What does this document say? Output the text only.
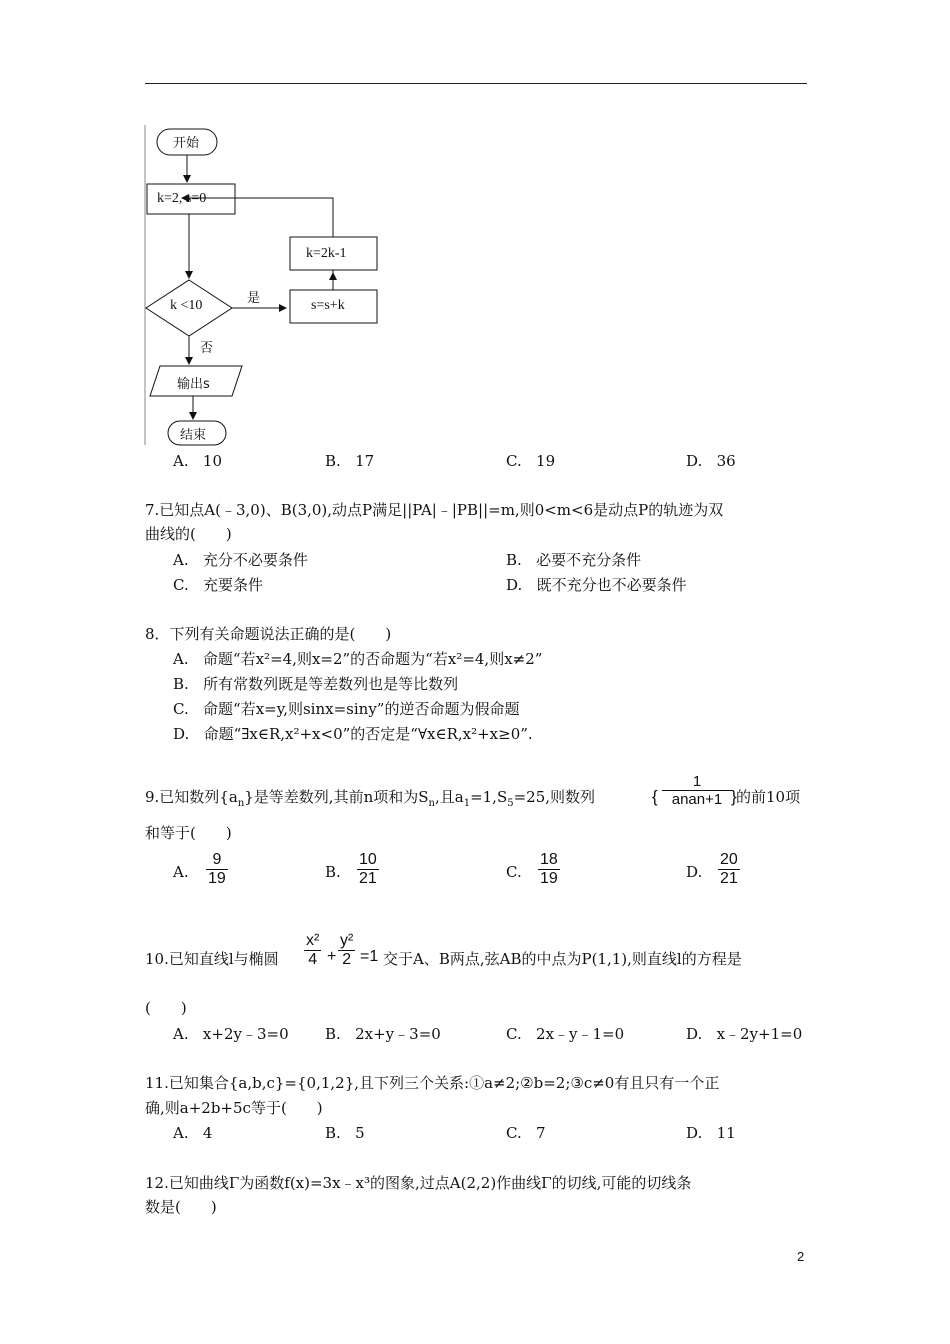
开始
k=2, s=0
k=2k-1
k <10	是	s=s+k
否
输出s
结束
A. 10	B. 17	C. 19	D. 36
7.已知点A(﹣3,0)、B(3,0),动点P满足||PA|﹣|PB||=m,则0<m<6是动点P的轨迹为双
曲线的(　　)
A. 充分不必要条件	B. 必要不充分条件
C. 充要条件	D. 既不充分也不必要条件
8．下列有关命题说法正确的是(　　)
A. 命题“若x²=4,则x=2”的否命题为“若x²=4,则x≠2”
B. 所有常数列既是等差数列也是等比数列
C. 命题“若x=y,则sinx=siny”的逆否命题为假命题
D. 命题“∃x∈R,x²+x<0”的否定是“∀x∈R,x²+x≥0”.
9.已知数列$\{a_n\}$是等差数列,其前n项和为$S_n$,且$a_1=1,S_5=25$,则数列	{
1
anan+1 } 的前10项
和等于(　　)
A. $\frac{9}{19}$	B. $\frac{10}{21}$	C. $\frac{18}{19}$	D. $\frac{20}{21}$
10.已知直线l与椭圆 $\frac{\text{x²}}{4} + \frac{\text{y²}}{2} =1$ 交于A、B两点,弦AB的中点为P(1,1),则直线l的方程是
(　　)
A. x+2y﹣3=0 B. 2x+y﹣3=0	C. 2x﹣y﹣1=0	D. x﹣2y+1=0
11.已知集合{a,b,c}={0,1,2},且下列三个关系:①a≠2;②b=2;③c≠0有且只有一个正
确,则a+2b+5c等于(　　)
A. 4	B. 5	C. 7	D. 11
12.已知曲线Γ为函数f(x)=3x﹣x³的图象,过点A(2,2)作曲线Γ的切线,可能的切线条
数是(　　)
2
